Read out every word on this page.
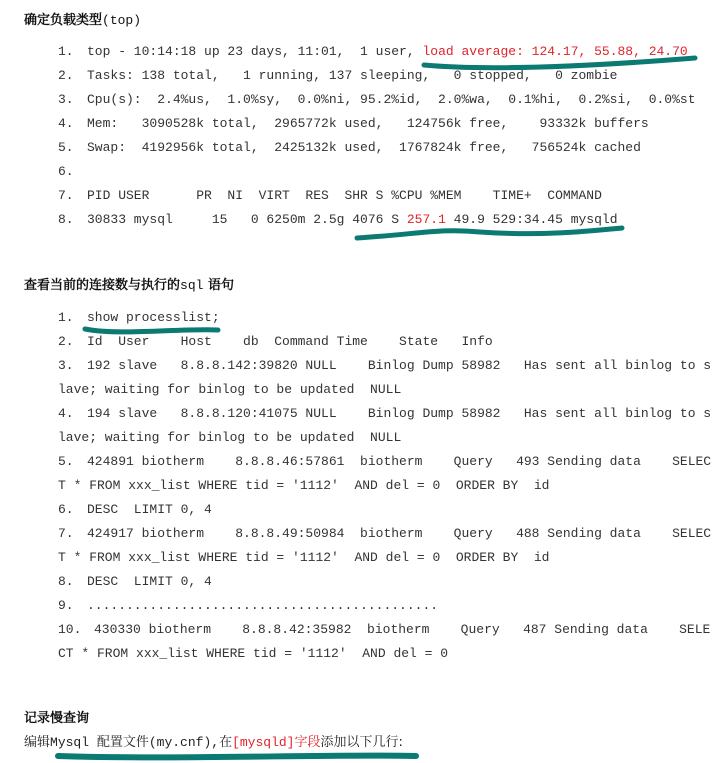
确定负载类型(top)
1. top - 10:14:18 up 23 days, 11:01,  1 user, load average: 124.17, 55.88, 24.70
2. Tasks: 138 total,   1 running, 137 sleeping,   0 stopped,   0 zombie
3. Cpu(s):  2.4%us,  1.0%sy,  0.0%ni, 95.2%id,  2.0%wa,  0.1%hi,  0.2%si,  0.0%st
4. Mem:   3090528k total,  2965772k used,   124756k free,    93332k buffers
5. Swap:  4192956k total,  2425132k used,  1767824k free,   756524k cached
6.
7. PID USER      PR  NI  VIRT  RES  SHR S %CPU %MEM    TIME+  COMMAND
8. 30833 mysql     15   0 6250m 2.5g 4076 S 257.1 49.9 529:34.45 mysqld
查看当前的连接数与执行的sql 语句
1. show processlist;
2. Id  User    Host    db  Command Time    State   Info
3. 192 slave   8.8.8.142:39820 NULL    Binlog Dump 58982   Has sent all binlog to s
lave; waiting for binlog to be updated  NULL
4. 194 slave   8.8.8.120:41075 NULL    Binlog Dump 58982   Has sent all binlog to s
lave; waiting for binlog to be updated  NULL
5. 424891 biotherm    8.8.8.46:57861  biotherm    Query   493 Sending data    SELEC
T * FROM xxx_list WHERE tid = '1112'  AND del = 0  ORDER BY  id
6. DESC  LIMIT 0, 4
7. 424917 biotherm    8.8.8.49:50984  biotherm    Query   488 Sending data    SELEC
T * FROM xxx_list WHERE tid = '1112'  AND del = 0  ORDER BY  id
8. DESC  LIMIT 0, 4
9. .............................................
10. 430330 biotherm    8.8.8.42:35982  biotherm    Query   487 Sending data    SELE
CT * FROM xxx_list WHERE tid = '1112'  AND del = 0
记录慢查询
编辑Mysql 配置文件(my.cnf),在[mysqld]字段添加以下几行:
